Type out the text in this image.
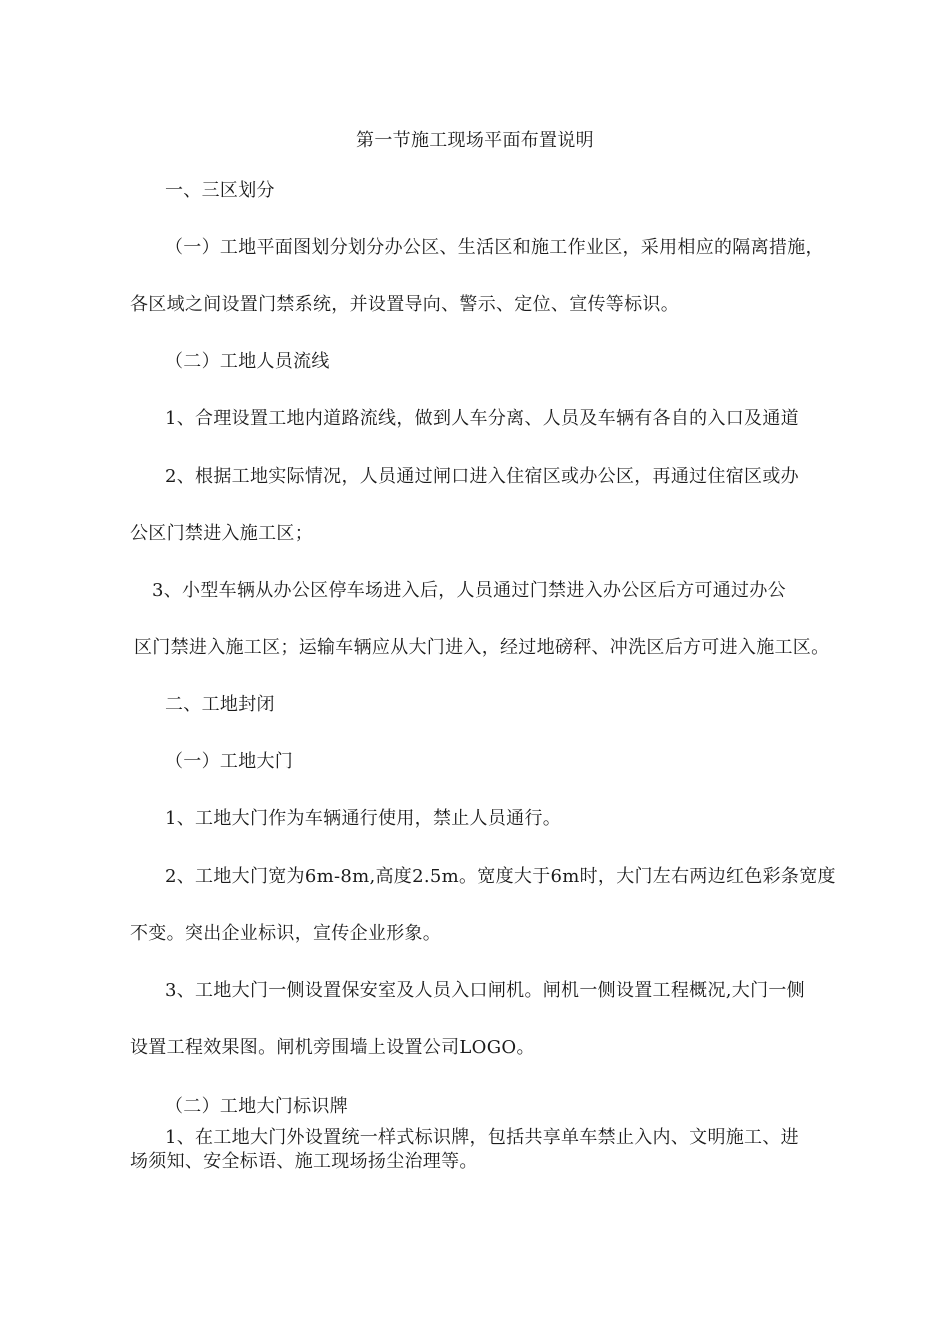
第一节施工现场平面布置说明
一、三区划分
（一）工地平面图划分划分办公区、生活区和施工作业区，采用相应的隔离措施，
各区域之间设置门禁系统，并设置导向、警示、定位、宣传等标识。
（二）工地人员流线
1、合理设置工地内道路流线，做到人车分离、人员及车辆有各自的入口及通道
2、根据工地实际情况，人员通过闸口进入住宿区或办公区，再通过住宿区或办
公区门禁进入施工区；
3、小型车辆从办公区停车场进入后，人员通过门禁进入办公区后方可通过办公
区门禁进入施工区；运输车辆应从大门进入，经过地磅秤、冲洗区后方可进入施工区。
二、工地封闭
（一）工地大门
1、工地大门作为车辆通行使用，禁止人员通行。
2、工地大门宽为6m-8m,高度2.5m。宽度大于6m时，大门左右两边红色彩条宽度
不变。突出企业标识，宣传企业形象。
3、工地大门一侧设置保安室及人员入口闸机。闸机一侧设置工程概况,大门一侧
设置工程效果图。闸机旁围墙上设置公司LOGO。
（二）工地大门标识牌
1、在工地大门外设置统一样式标识牌，包括共享单车禁止入内、文明施工、进
场须知、安全标语、施工现场扬尘治理等。
